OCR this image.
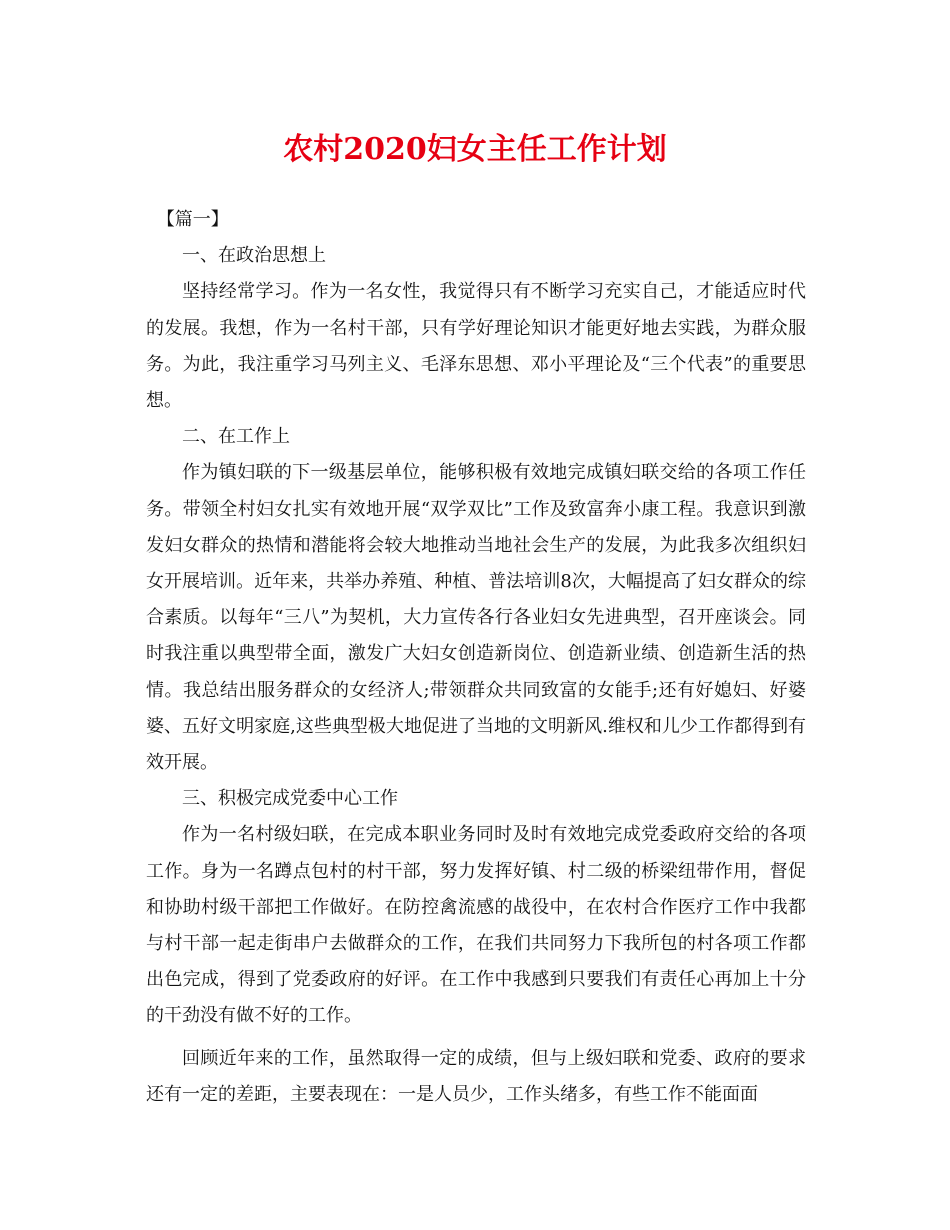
农村2020妇女主任工作计划

【篇一】

一、在政治思想上

坚持经常学习。作为一名女性，我觉得只有不断学习充实自己，才能适应时代的发展。我想，作为一名村干部，只有学好理论知识才能更好地去实践，为群众服务。为此，我注重学习马列主义、毛泽东思想、邓小平理论及“三个代表”的重要思想。

二、在工作上

作为镇妇联的下一级基层单位，能够积极有效地完成镇妇联交给的各项工作任务。带领全村妇女扎实有效地开展“双学双比”工作及致富奔小康工程。我意识到激发妇女群众的热情和潜能将会较大地推动当地社会生产的发展，为此我多次组织妇女开展培训。近年来，共举办养殖、种植、普法培训8次，大幅提高了妇女群众的综合素质。以每年“三八”为契机，大力宣传各行各业妇女先进典型，召开座谈会。同时我注重以典型带全面，激发广大妇女创造新岗位、创造新业绩、创造新生活的热情。我总结出服务群众的女经济人;带领群众共同致富的女能手;还有好媳妇、好婆婆、五好文明家庭,这些典型极大地促进了当地的文明新风.维权和儿少工作都得到有效开展。

三、积极完成党委中心工作

作为一名村级妇联，在完成本职业务同时及时有效地完成党委政府交给的各项工作。身为一名蹲点包村的村干部，努力发挥好镇、村二级的桥梁纽带作用，督促和协助村级干部把工作做好。在防控禽流感的战役中，在农村合作医疗工作中我都与村干部一起走街串户去做群众的工作，在我们共同努力下我所包的村各项工作都出色完成，得到了党委政府的好评。在工作中我感到只要我们有责任心再加上十分的干劲没有做不好的工作。

回顾近年来的工作，虽然取得一定的成绩，但与上级妇联和党委、政府的要求还有一定的差距，主要表现在：一是人员少，工作头绪多，有些工作不能面面
